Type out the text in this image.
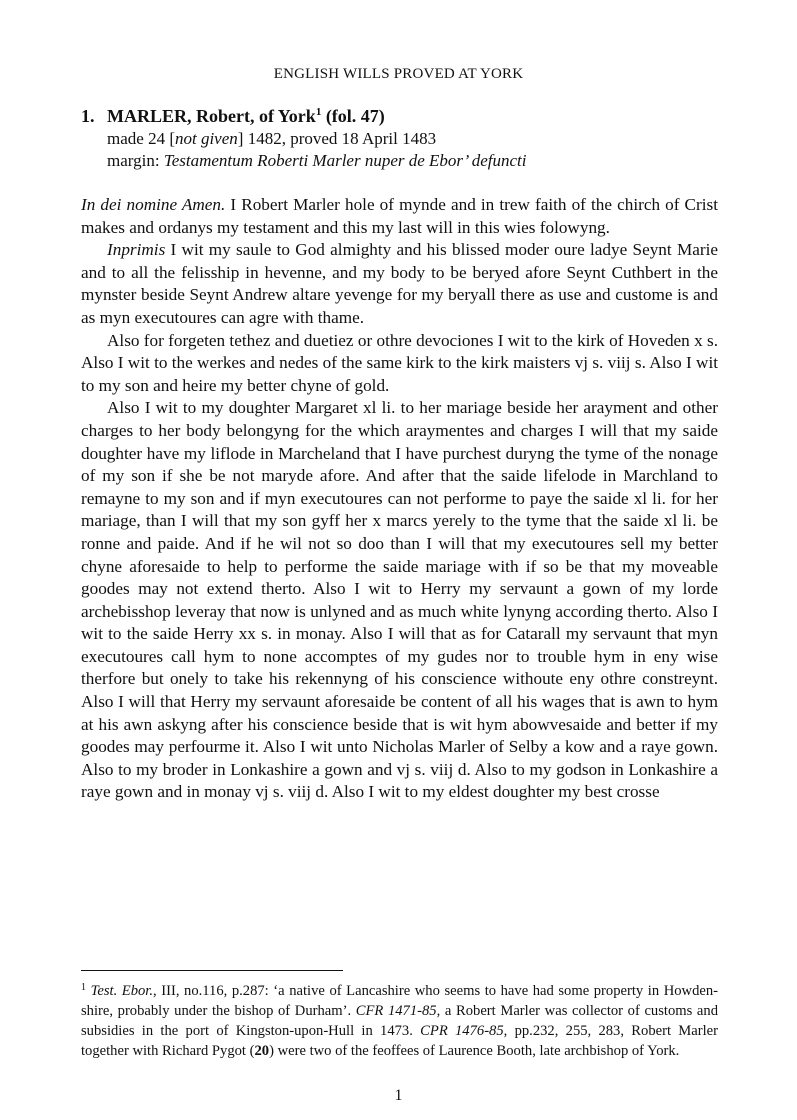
ENGLISH WILLS PROVED AT YORK
1. MARLER, Robert, of York$^1$ (fol. 47)
made 24 [not given] 1482, proved 18 April 1483
margin: Testamentum Roberti Marler nuper de Ebor’ defuncti

In dei nomine Amen. I Robert Marler hole of mynde and in trew faith of the chirch of Crist makes and ordanys my testament and this my last will in this wies folowyng.

Inprimis I wit my saule to God almighty and his blissed moder oure ladye Seynt Marie and to all the felisship in hevenne, and my body to be beryed afore Seynt Cuthbert in the mynster beside Seynt Andrew altare yevenge for my beryall there as use and custome is and as myn executoures can agre with thame.

Also for forgeten tethez and duetiez or othre devociones I wit to the kirk of Hoveden x s. Also I wit to the werkes and nedes of the same kirk to the kirk maisters vj s. viij s. Also I wit to my son and heire my better chyne of gold.

Also I wit to my doughter Margaret xl li. to her mariage beside her arayment and other charges to her body belongyng for the which araymentes and charges I will that my saide doughter have my liflode in Marcheland that I have purchest duryng the tyme of the nonage of my son if she be not maryde afore. And after that the saide lifelode in Marchland to remayne to my son and if myn executoures can not performe to paye the saide xl li. for her mariage, than I will that my son gyff her x marcs yerely to the tyme that the saide xl li. be ronne and paide. And if he wil not so doo than I will that my executoures sell my better chyne aforesaide to help to performe the saide mariage with if so be that my moveable goodes may not extend therto. Also I wit to Herry my servaunt a gown of my lorde archebisshop leveray that now is unlyned and as much white lynyng according therto. Also I wit to the saide Herry xx s. in monay. Also I will that as for Catarall my servaunt that myn executoures call hym to none accomptes of my gudes nor to trouble hym in eny wise therfore but onely to take his rekennyng of his conscience withoute eny othre constreynt. Also I will that Herry my servaunt aforesaide be content of all his wages that is awn to hym at his awn askyng after his conscience beside that is wit hym abowvesaide and better if my goodes may perfourme it. Also I wit unto Nicholas Marler of Selby a kow and a raye gown. Also to my broder in Lonkashire a gown and vj s. viij d. Also to my godson in Lonkashire a raye gown and in monay vj s. viij d. Also I wit to my eldest doughter my best crosse

$^1$ Test. Ebor., III, no.116, p.287: ‘a native of Lancashire who seems to have had some property in Howden-shire, probably under the bishop of Durham’. CFR 1471-85, a Robert Marler was collector of customs and subsidies in the port of Kingston-upon-Hull in 1473. CPR 1476-85, pp.232, 255, 283, Robert Marler together with Richard Pygot (20) were two of the feoffees of Laurence Booth, late archbishop of York.
1
